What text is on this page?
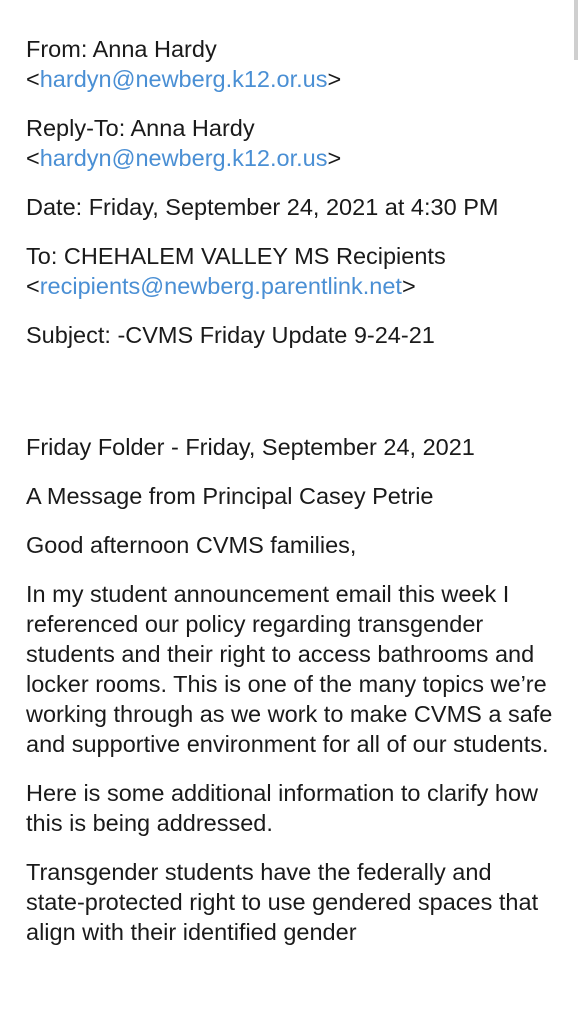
From: Anna Hardy
<hardyn@newberg.k12.or.us>
Reply-To: Anna Hardy
<hardyn@newberg.k12.or.us>
Date: Friday, September 24, 2021 at 4:30 PM
To: CHEHALEM VALLEY MS Recipients
<recipients@newberg.parentlink.net>
Subject: -CVMS Friday Update 9-24-21
Friday Folder - Friday, September 24, 2021
A Message from Principal Casey Petrie
Good afternoon CVMS families,
In my student announcement email this week I referenced our policy regarding transgender students and their right to access bathrooms and locker rooms. This is one of the many topics we’re working through as we work to make CVMS a safe and supportive environment for all of our students.
Here is some additional information to clarify how this is being addressed.
Transgender students have the federally and state-protected right to use gendered spaces that align with their identified gender
